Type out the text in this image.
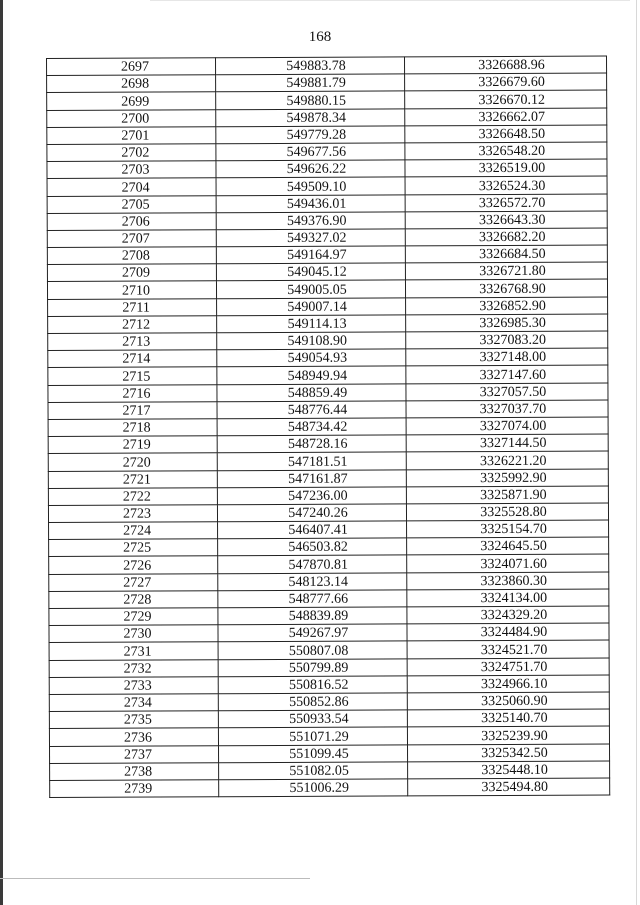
168
2697	549883.78	3326688.96
2698	549881.79	3326679.60
2699	549880.15	3326670.12
2700	549878.34	3326662.07
2701	549779.28	3326648.50
2702	549677.56	3326548.20
2703	549626.22	3326519.00
2704	549509.10	3326524.30
2705	549436.01	3326572.70
2706	549376.90	3326643.30
2707	549327.02	3326682.20
2708	549164.97	3326684.50
2709	549045.12	3326721.80
2710	549005.05	3326768.90
2711	549007.14	3326852.90
2712	549114.13	3326985.30
2713	549108.90	3327083.20
2714	549054.93	3327148.00
2715	548949.94	3327147.60
2716	548859.49	3327057.50
2717	548776.44	3327037.70
2718	548734.42	3327074.00
2719	548728.16	3327144.50
2720	547181.51	3326221.20
2721	547161.87	3325992.90
2722	547236.00	3325871.90
2723	547240.26	3325528.80
2724	546407.41	3325154.70
2725	546503.82	3324645.50
2726	547870.81	3324071.60
2727	548123.14	3323860.30
2728	548777.66	3324134.00
2729	548839.89	3324329.20
2730	549267.97	3324484.90
2731	550807.08	3324521.70
2732	550799.89	3324751.70
2733	550816.52	3324966.10
2734	550852.86	3325060.90
2735	550933.54	3325140.70
2736	551071.29	3325239.90
2737	551099.45	3325342.50
2738	551082.05	3325448.10
2739	551006.29	3325494.80
